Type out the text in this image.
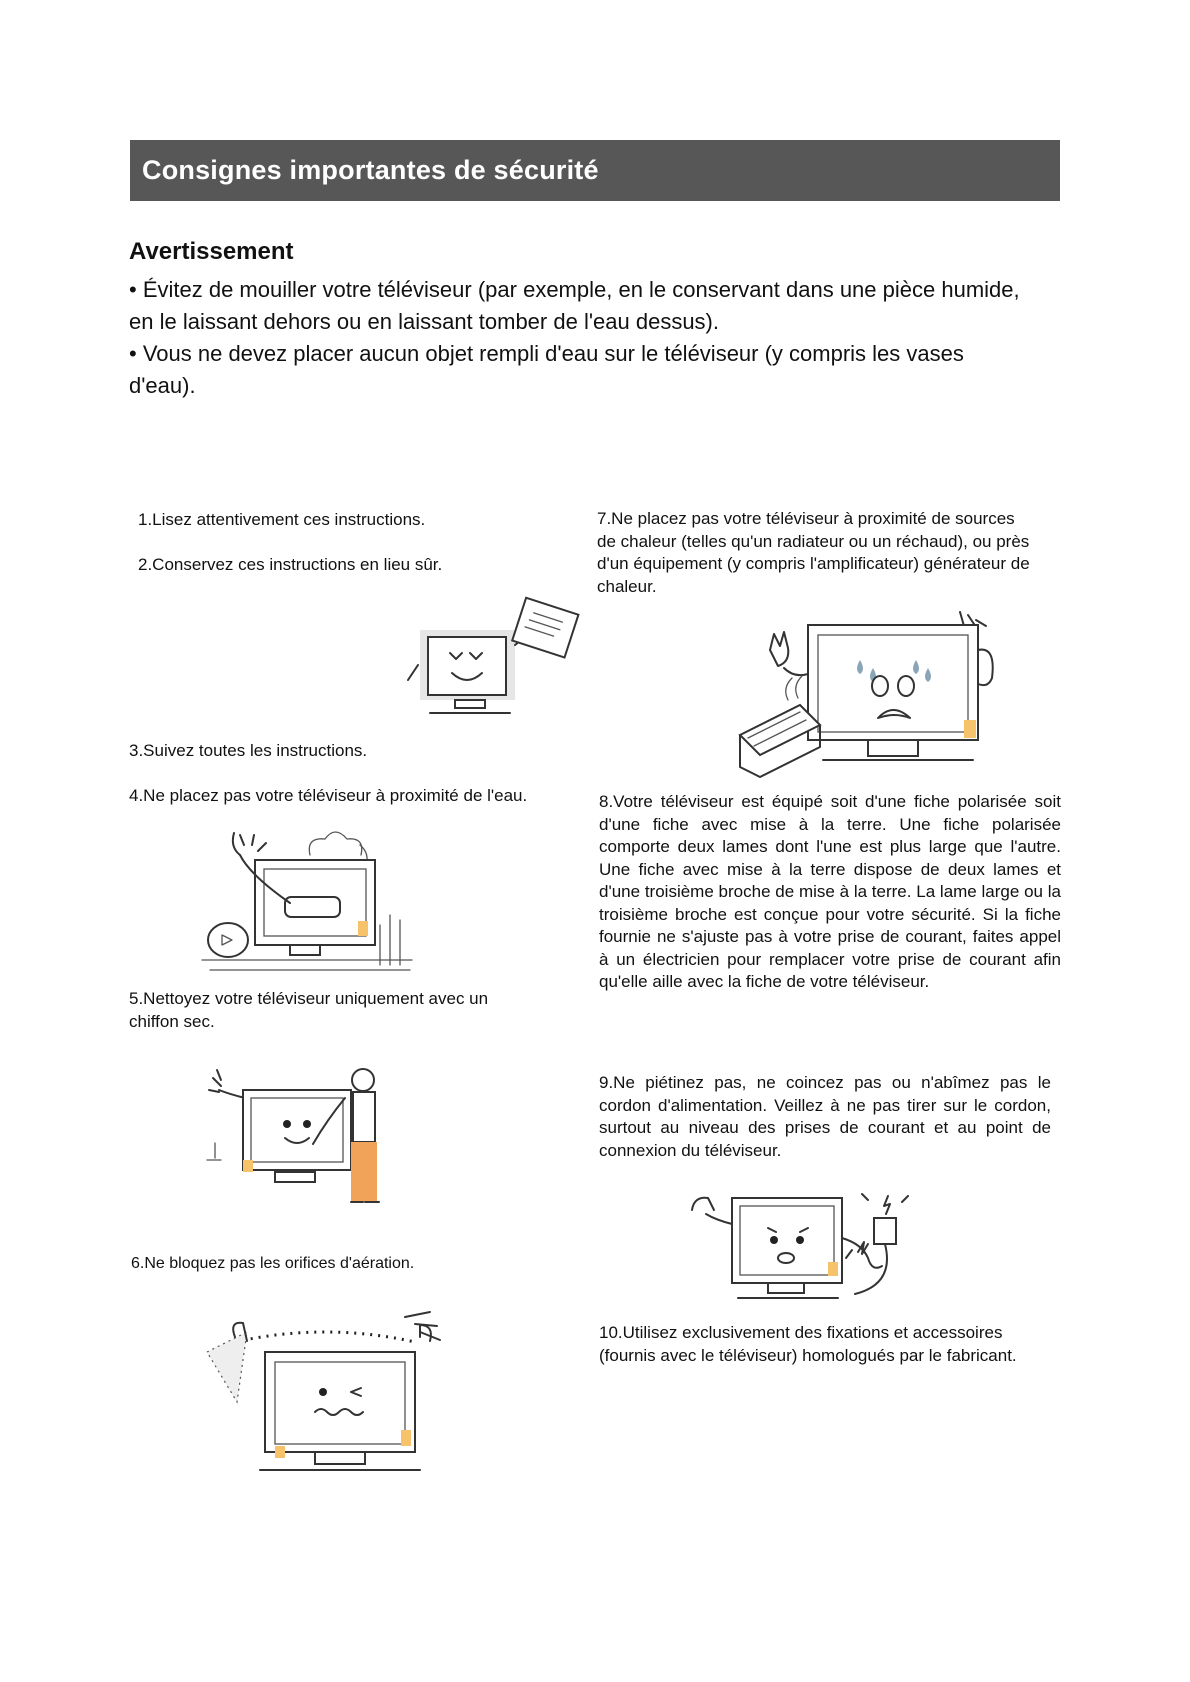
Consignes importantes de sécurité
Avertissement

• Évitez de mouiller votre téléviseur (par exemple, en le conservant dans une pièce humide, en le laissant dehors ou en laissant tomber de l'eau dessus).

• Vous ne devez placer aucun objet rempli d'eau sur le téléviseur (y compris les vases d'eau).

1.Lisez attentivement ces instructions.

2.Conservez ces instructions en lieu sûr.

3.Suivez toutes les instructions.

4.Ne placez pas votre téléviseur à proximité de l'eau.

5.Nettoyez votre téléviseur uniquement avec un chiffon sec.

6.Ne bloquez pas les orifices d'aération.

7.Ne placez pas votre téléviseur à proximité de sources de chaleur (telles qu'un radiateur ou un réchaud), ou près d'un équipement (y compris l'amplificateur) générateur de chaleur.

8.Votre téléviseur est équipé soit d'une fiche polarisée soit d'une fiche avec mise à la terre. Une fiche polarisée comporte deux lames dont l'une est plus large que l'autre. Une fiche avec mise à la terre dispose de deux lames et d'une troisième broche de mise à la terre. La lame large ou la troisième broche est conçue pour votre sécurité. Si la fiche fournie ne s'ajuste pas à votre prise de courant, faites appel à un électricien pour remplacer votre prise de courant afin qu'elle aille avec la fiche de votre téléviseur.

9.Ne piétinez pas, ne coincez pas ou n'abîmez pas le cordon d'alimentation. Veillez à ne pas tirer sur le cordon, surtout au niveau des prises de courant et au point de connexion du téléviseur.

10.Utilisez exclusivement des fixations et accessoires (fournis avec le téléviseur) homologués par le fabricant.
